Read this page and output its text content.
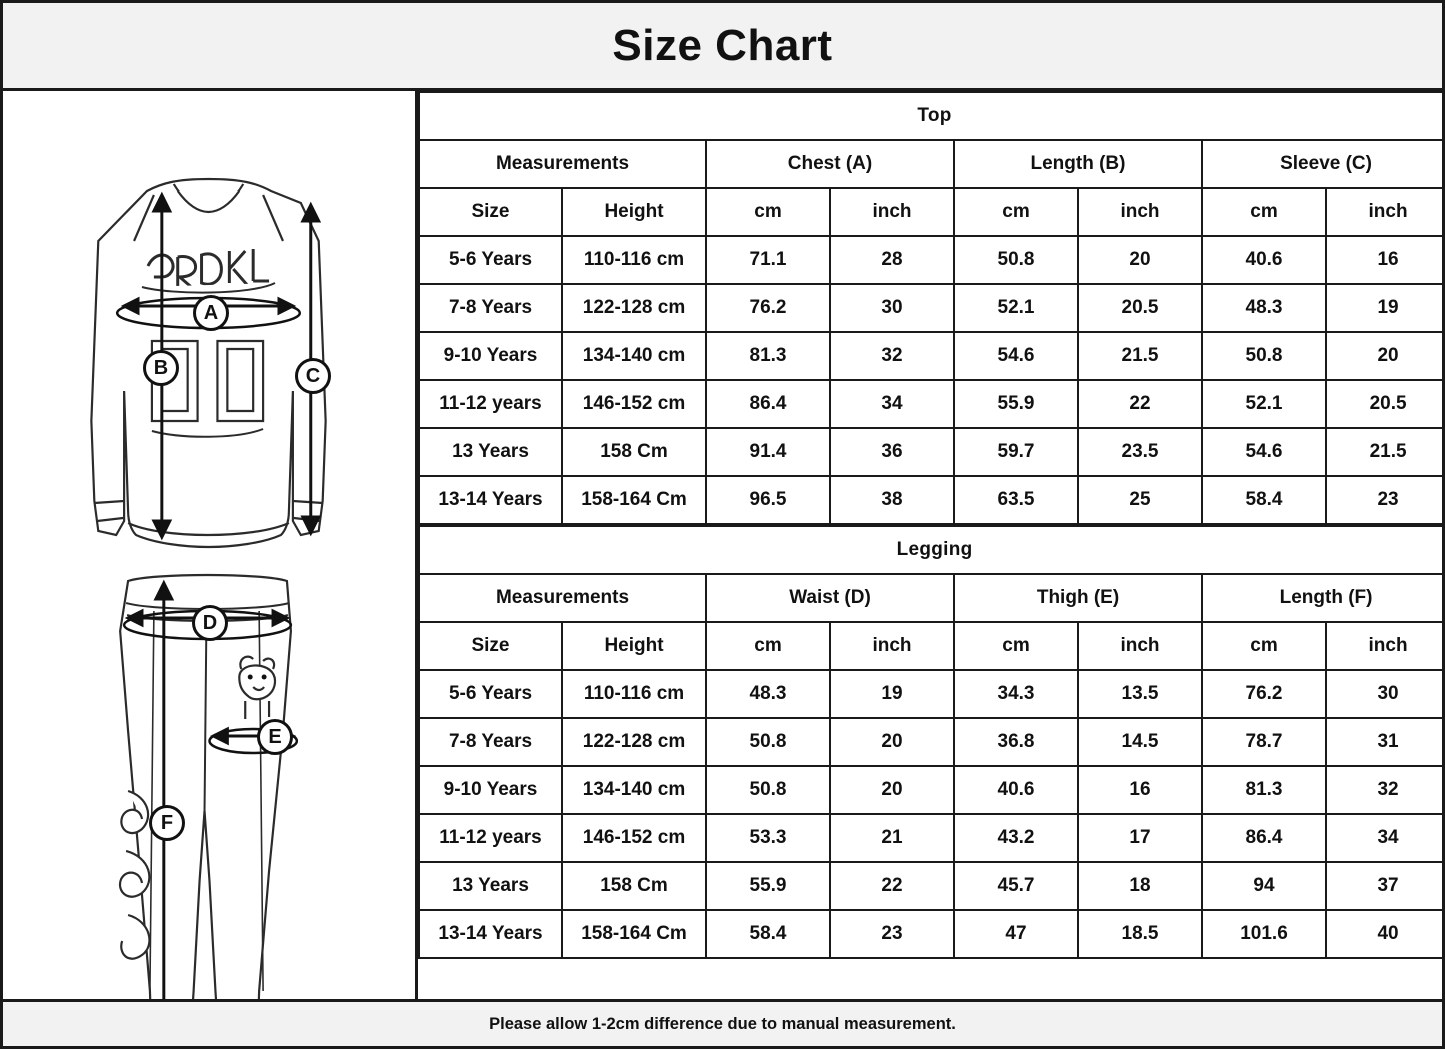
Size Chart
A
B	C
D
E
F
Top							
Measurements		Chest (A)		Length (B)		Sleeve (C)	
Size	Height	cm	inch	cm	inch	cm	inch
5-6 Years	110-116 cm	71.1	28	50.8	20	40.6	16
7-8 Years	122-128 cm	76.2	30	52.1	20.5	48.3	19
9-10 Years	134-140 cm	81.3	32	54.6	21.5	50.8	20
11-12 years	146-152 cm	86.4	34	55.9	22	52.1	20.5
13 Years	158 Cm	91.4	36	59.7	23.5	54.6	21.5
13-14 Years	158-164 Cm	96.5	38	63.5	25	58.4	23
Legging							
Measurements		Waist (D)		Thigh (E)		Length (F)	
Size	Height	cm	inch	cm	inch	cm	inch
5-6 Years	110-116 cm	48.3	19	34.3	13.5	76.2	30
7-8 Years	122-128 cm	50.8	20	36.8	14.5	78.7	31
9-10 Years	134-140 cm	50.8	20	40.6	16	81.3	32
11-12 years	146-152 cm	53.3	21	43.2	17	86.4	34
13 Years	158 Cm	55.9	22	45.7	18	94	37
13-14 Years	158-164 Cm	58.4	23	47	18.5	101.6	40
Please allow 1-2cm difference due to manual measurement.
